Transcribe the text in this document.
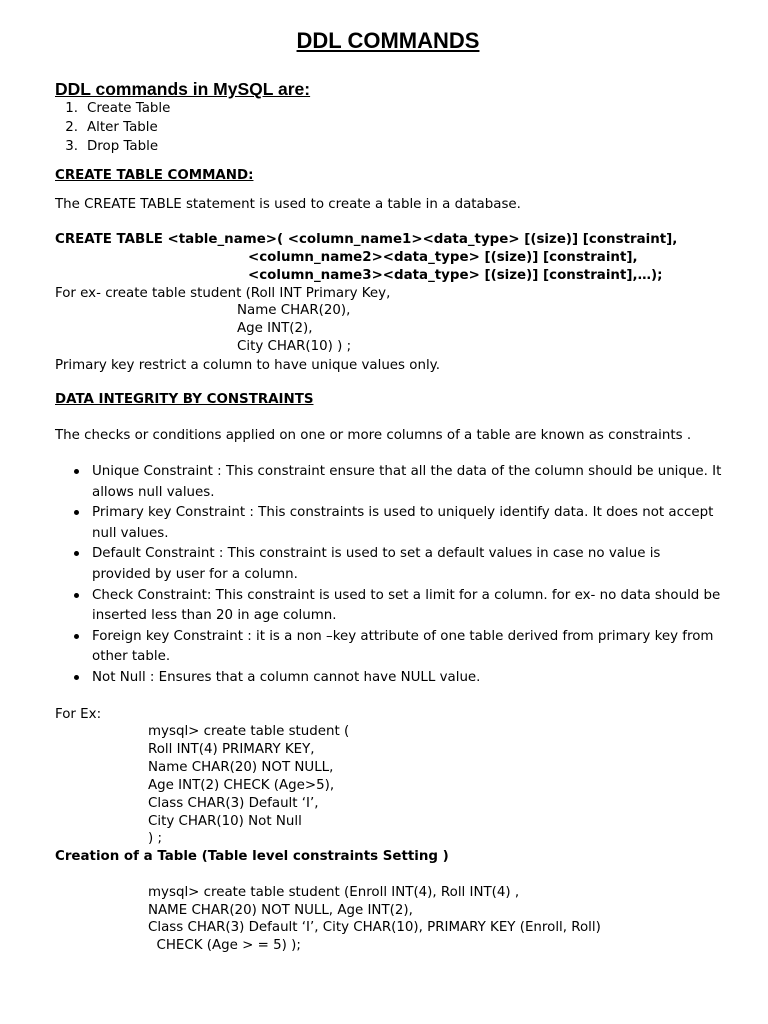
DDL COMMANDS
DDL commands in MySQL are:
1. Create Table
2. Alter Table
3. Drop Table
CREATE TABLE COMMAND:
The CREATE TABLE statement is used to create a table in a database.
CREATE TABLE <table_name>( <column_name1><data_type> [(size)] [constraint],
<column_name2><data_type> [(size)] [constraint],
<column_name3><data_type> [(size)] [constraint],…);
For ex- create table student (Roll INT Primary Key,
Name CHAR(20),
Age INT(2),
City CHAR(10) ) ;
Primary key restrict a column to have unique values only.
DATA INTEGRITY BY CONSTRAINTS
The checks or conditions applied on one or more columns of a table are known as constraints .

Unique Constraint : This constraint ensure that all the data of the column should be unique. It allows null values.

Primary key Constraint : This constraints is used to uniquely identify data. It does not accept null values.

Default Constraint : This constraint is used to set a default values in case no value is provided by user for a column.

Check Constraint: This constraint is used to set a limit for a column. for ex- no data should be inserted less than 20 in age column.

Foreign key Constraint : it is a non –key attribute of one table derived from primary key from other table.

Not Null : Ensures that a column cannot have NULL value.

For Ex:
mysql> create table student (
Roll INT(4) PRIMARY KEY,
Name CHAR(20) NOT NULL,
Age INT(2) CHECK (Age>5),
Class CHAR(3) Default ‘I’,
City CHAR(10) Not Null
) ;
Creation of a Table (Table level constraints Setting )
mysql> create table student (Enroll INT(4), Roll INT(4) ,
NAME CHAR(20) NOT NULL, Age INT(2),
Class CHAR(3) Default ‘I’, City CHAR(10), PRIMARY KEY (Enroll, Roll)
CHECK (Age > = 5) );
